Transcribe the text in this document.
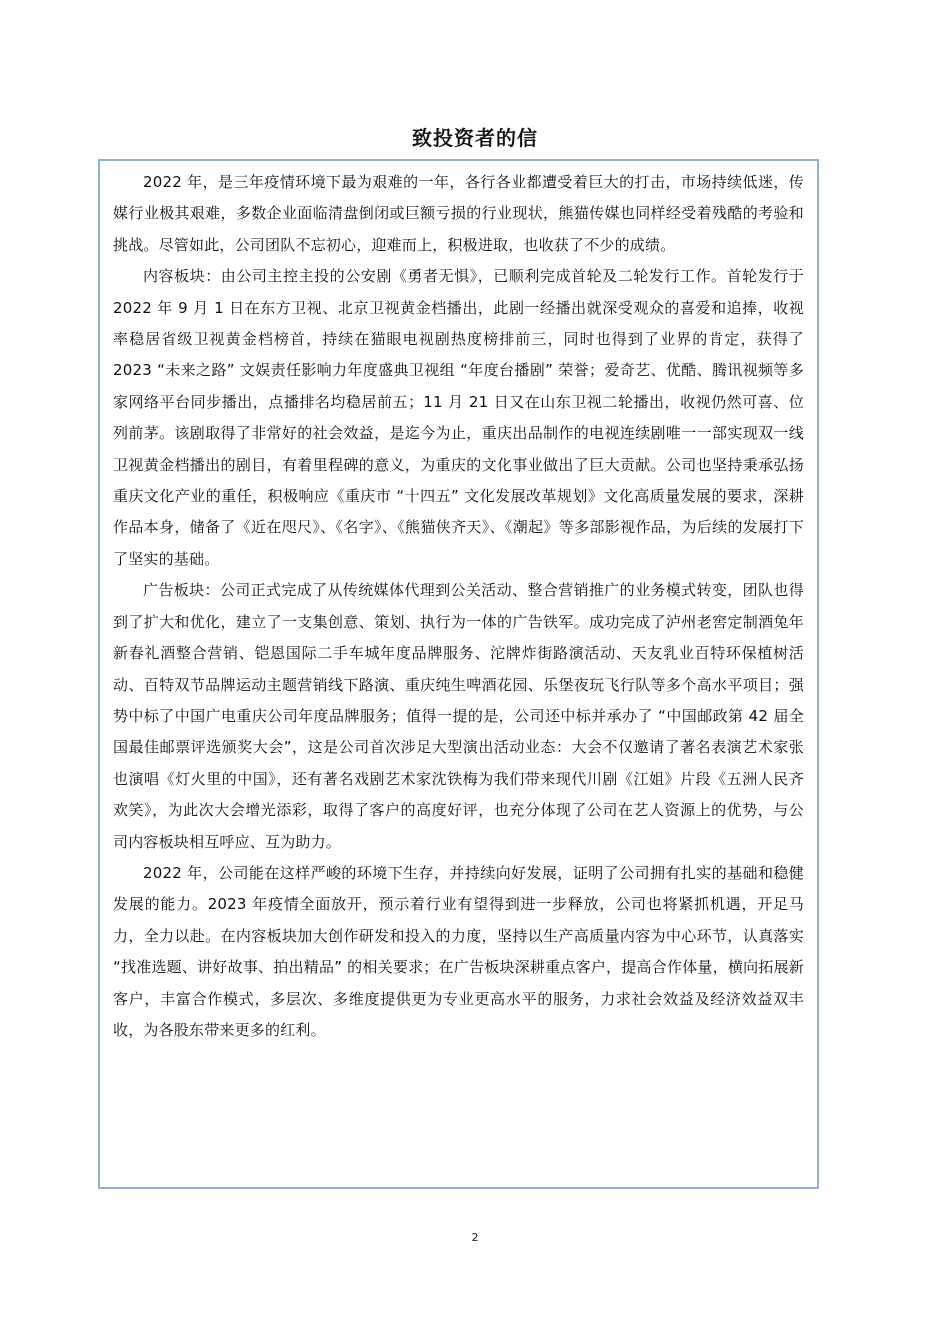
致投资者的信

2022 年，是三年疫情环境下最为艰难的一年，各行各业都遭受着巨大的打击，市场持续低迷，传媒行业极其艰难，多数企业面临清盘倒闭或巨额亏损的行业现状，熊猫传媒也同样经受着残酷的考验和挑战。尽管如此，公司团队不忘初心，迎难而上，积极进取，也收获了不少的成绩。

内容板块：由公司主控主投的公安剧《勇者无惧》，已顺利完成首轮及二轮发行工作。首轮发行于 2022 年 9 月 1 日在东方卫视、北京卫视黄金档播出，此剧一经播出就深受观众的喜爱和追捧，收视率稳居省级卫视黄金档榜首，持续在猫眼电视剧热度榜排前三，同时也得到了业界的肯定，获得了 2023 “未来之路” 文娱责任影响力年度盛典卫视组 “年度台播剧” 荣誉；爱奇艺、优酷、腾讯视频等多家网络平台同步播出，点播排名均稳居前五；11 月 21 日又在山东卫视二轮播出，收视仍然可喜、位列前茅。该剧取得了非常好的社会效益，是迄今为止，重庆出品制作的电视连续剧唯一一部实现双一线卫视黄金档播出的剧目，有着里程碑的意义，为重庆的文化事业做出了巨大贡献。公司也坚持秉承弘扬重庆文化产业的重任，积极响应《重庆市 “十四五” 文化发展改革规划》文化高质量发展的要求，深耕作品本身，储备了《近在咫尺》、《名字》、《熊猫侠齐天》、《潮起》等多部影视作品，为后续的发展打下了坚实的基础。

广告板块：公司正式完成了从传统媒体代理到公关活动、整合营销推广的业务模式转变，团队也得到了扩大和优化，建立了一支集创意、策划、执行为一体的广告铁军。成功完成了泸州老窖定制酒兔年新春礼酒整合营销、铠恩国际二手车城年度品牌服务、沱牌炸街路演活动、天友乳业百特环保植树活动、百特双节品牌运动主题营销线下路演、重庆纯生啤酒花园、乐堡夜玩飞行队等多个高水平项目；强势中标了中国广电重庆公司年度品牌服务；值得一提的是，公司还中标并承办了 “中国邮政第 42 届全国最佳邮票评选颁奖大会”，这是公司首次涉足大型演出活动业态：大会不仅邀请了著名表演艺术家张也演唱《灯火里的中国》，还有著名戏剧艺术家沈铁梅为我们带来现代川剧《江姐》片段《五洲人民齐欢笑》，为此次大会增光添彩，取得了客户的高度好评，也充分体现了公司在艺人资源上的优势，与公司内容板块相互呼应、互为助力。

2022 年，公司能在这样严峻的环境下生存，并持续向好发展，证明了公司拥有扎实的基础和稳健发展的能力。2023 年疫情全面放开，预示着行业有望得到进一步释放，公司也将紧抓机遇，开足马力，全力以赴。在内容板块加大创作研发和投入的力度，坚持以生产高质量内容为中心环节，认真落实 “找准选题、讲好故事、拍出精品” 的相关要求；在广告板块深耕重点客户，提高合作体量，横向拓展新客户，丰富合作模式，多层次、多维度提供更为专业更高水平的服务，力求社会效益及经济效益双丰收，为各股东带来更多的红利。

2
